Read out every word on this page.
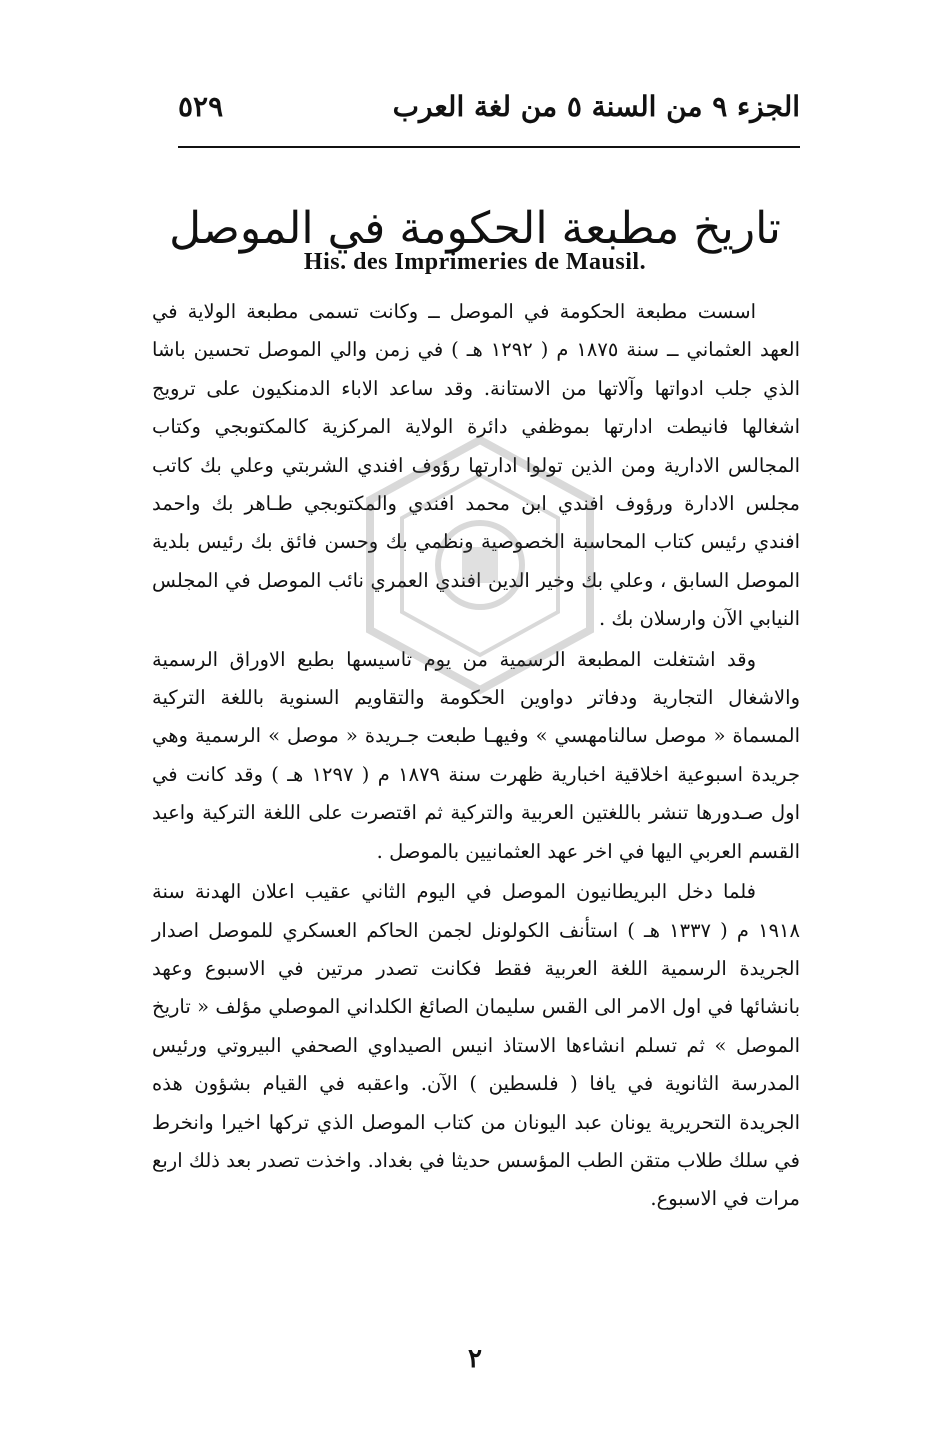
الجزء ٩ من السنة ٥ من لغة العرب
٥٢٩
تاريخ مطبعة الحكومة في الموصل
His. des Imprimeries de Mausil.

اسست مطبعة الحكومة في الموصل ــ وكانت تسمى مطبعة الولاية في العهد العثماني ــ سنة ١٨٧٥ م ( ١٢٩٢ هـ ) في زمن والي الموصل تحسين باشا الذي جلب ادواتها وآلاتها من الاستانة. وقد ساعد الاباء الدمنكيون على ترويج اشغالها فانيطت ادارتها بموظفي دائرة الولاية المركزية كالمكتوبجي وكتاب المجالس الادارية ومن الذين تولوا ادارتها رؤوف افندي الشربتي وعلي بك كاتب مجلس الادارة ورؤوف افندي ابن محمد افندي والمكتوبجي طـاهر بك واحمد افندي رئيس كتاب المحاسبة الخصوصية ونظمي بك وحسن فائق بك رئيس بلدية الموصل السابق ، وعلي بك وخير الدين افندي العمري نائب الموصل في المجلس النيابي الآن وارسلان بك .

وقد اشتغلت المطبعة الرسمية من يوم تاسيسها بطبع الاوراق الرسمية والاشغال التجارية ودفاتر دواوين الحكومة والتقاويم السنوية باللغة التركية المسماة « موصل سالنامهسي » وفيهـا طبعت جـريدة « موصل » الرسمية وهي جريدة اسبوعية اخلاقية اخبارية ظهرت سنة ١٨٧٩ م ( ١٢٩٧ هـ ) وقد كانت في اول صـدورها تنشر باللغتين العربية والتركية ثم اقتصرت على اللغة التركية واعيد القسم العربي اليها في اخر عهد العثمانيين بالموصل .

فلما دخل البريطانيون الموصل في اليوم الثاني عقيب اعلان الهدنة سنة ١٩١٨ م ( ١٣٣٧ هـ ) استأنف الكولونل لجمن الحاكم العسكري للموصل اصدار الجريدة الرسمية اللغة العربية فقط فكانت تصدر مرتين في الاسبوع وعهد بانشائها في اول الامر الى القس سليمان الصائغ الكلداني الموصلي مؤلف « تاريخ الموصل » ثم تسلم انشاءها الاستاذ انيس الصيداوي الصحفي البيروتي ورئيس المدرسة الثانوية في يافا ( فلسطين ) الآن. واعقبه في القيام بشؤون هذه الجريدة التحريرية يونان عبد اليونان من كتاب الموصل الذي تركها اخيرا وانخرط في سلك طلاب متقن الطب المؤسس حديثا في بغداد. واخذت تصدر بعد ذلك اربع مرات في الاسبوع.

٢
